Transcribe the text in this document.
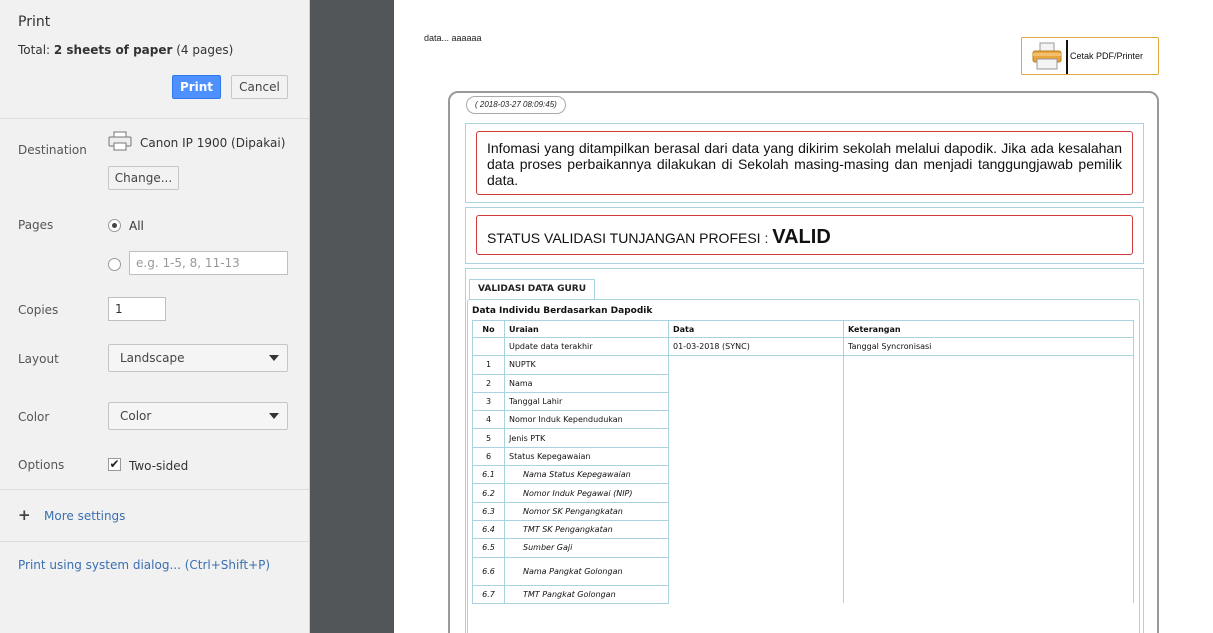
Print
Total: 2 sheets of paper (4 pages)
Print	Cancel
Destination	Canon IP 1900 (Dipakai)
Change...
Pages	All
e.g. 1-5, 8, 11-13
Copies	1
Layout	Landscape
Color	Color
Options	✔ Two-sided
+ More settings
Print using system dialog... (Ctrl+Shift+P)
data... aaaaaa
Cetak PDF/Printer
( 2018-03-27 08:09:45)
Infomasi yang ditampilkan berasal dari data yang dikirim sekolah melalui dapodik. Jika ada kesalahan data proses perbaikannya dilakukan di Sekolah masing-masing dan menjadi tanggungjawab pemilik data.
STATUS VALIDASI TUNJANGAN PROFESI : VALID
VALIDASI DATA GURU
Data Individu Berdasarkan Dapodik
No	Uraian	Data	Keterangan
	Update data terakhir	01-03-2018 (SYNC)	Tanggal Syncronisasi
1	NUPTK		
2	Nama		
3	Tanggal Lahir		
4	Nomor Induk Kependudukan		
5	Jenis PTK		
6	Status Kepegawaian		
6.1	Nama Status Kepegawaian		
6.2	Nomor Induk Pegawai (NIP)		
6.3	Nomor SK Pengangkatan		
6.4	TMT SK Pengangkatan		
6.5	Sumber Gaji		
6.6	Nama Pangkat Golongan		
6.7	TMT Pangkat Golongan		
